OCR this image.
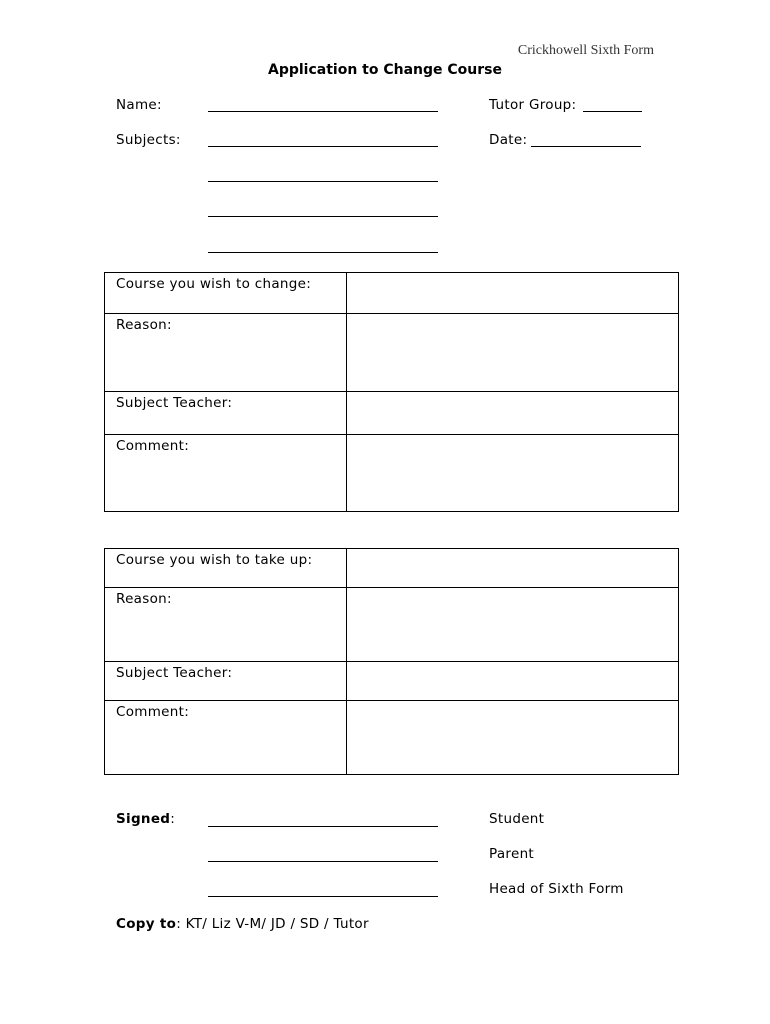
Crickhowell Sixth Form
Application to Change Course
Name:	Tutor Group:
Subjects:	Date:
Course you wish to change:	
Reason:	
Subject Teacher:	
Comment:	
Course you wish to take up:	
Reason:	
Subject Teacher:	
Comment:	
Signed:	Student
Parent
Head of Sixth Form
Copy to: KT/ Liz V-M/ JD / SD / Tutor
